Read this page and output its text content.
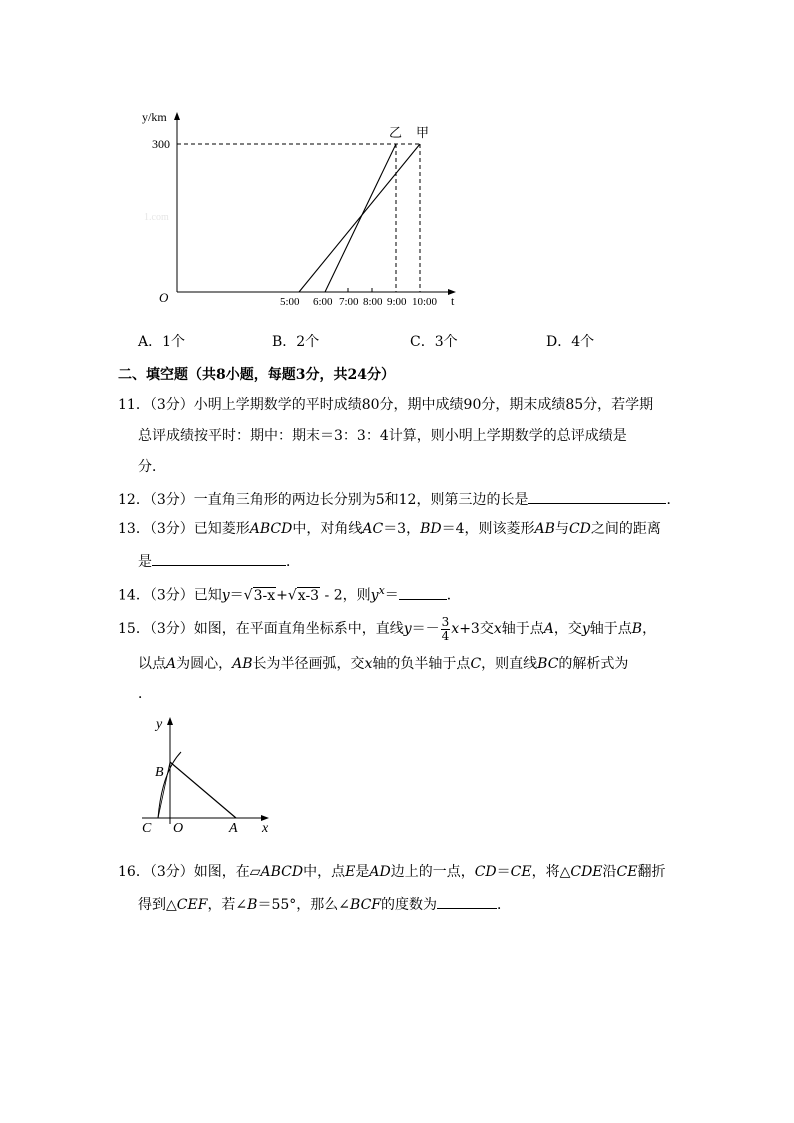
y/km
300
O
乙 甲
t
5:00 6:00 7:00 8:00 9:00 10:00
1.com
A．1个	B．2个	C．3个	D．4个
二、填空题（共8小题，每题3分，共24分）
11．（3分）小明上学期数学的平时成绩80分，期中成绩90分，期末成绩85分，若学期
总评成绩按平时：期中：期末＝3：3：4计算，则小明上学期数学的总评成绩是
分．
12．（3分）一直角三角形的两边长分别为5和12，则第三边的长是	．
13．（3分）已知菱形ABCD中，对角线AC＝3，BD＝4，则该菱形AB与CD之间的距离
是	．
14．（3分）已知y＝√3-x+√x-3 - 2，则$y^x=$	．
15．（3分）如图，在平面直角坐标系中，直线$y=- \frac{3}{4} x+3$交x轴于点A，交y轴于点B，
以点A为圆心，AB长为半径画弧，交x轴的负半轴于点C，则直线BC的解析式为
．
y
x
B
C O	A
16．（3分）如图，在▱ABCD中，点E是AD边上的一点，CD＝CE，将△CDE沿CE翻折
得到△CEF，若∠B＝55°，那么∠BCF的度数为	．
